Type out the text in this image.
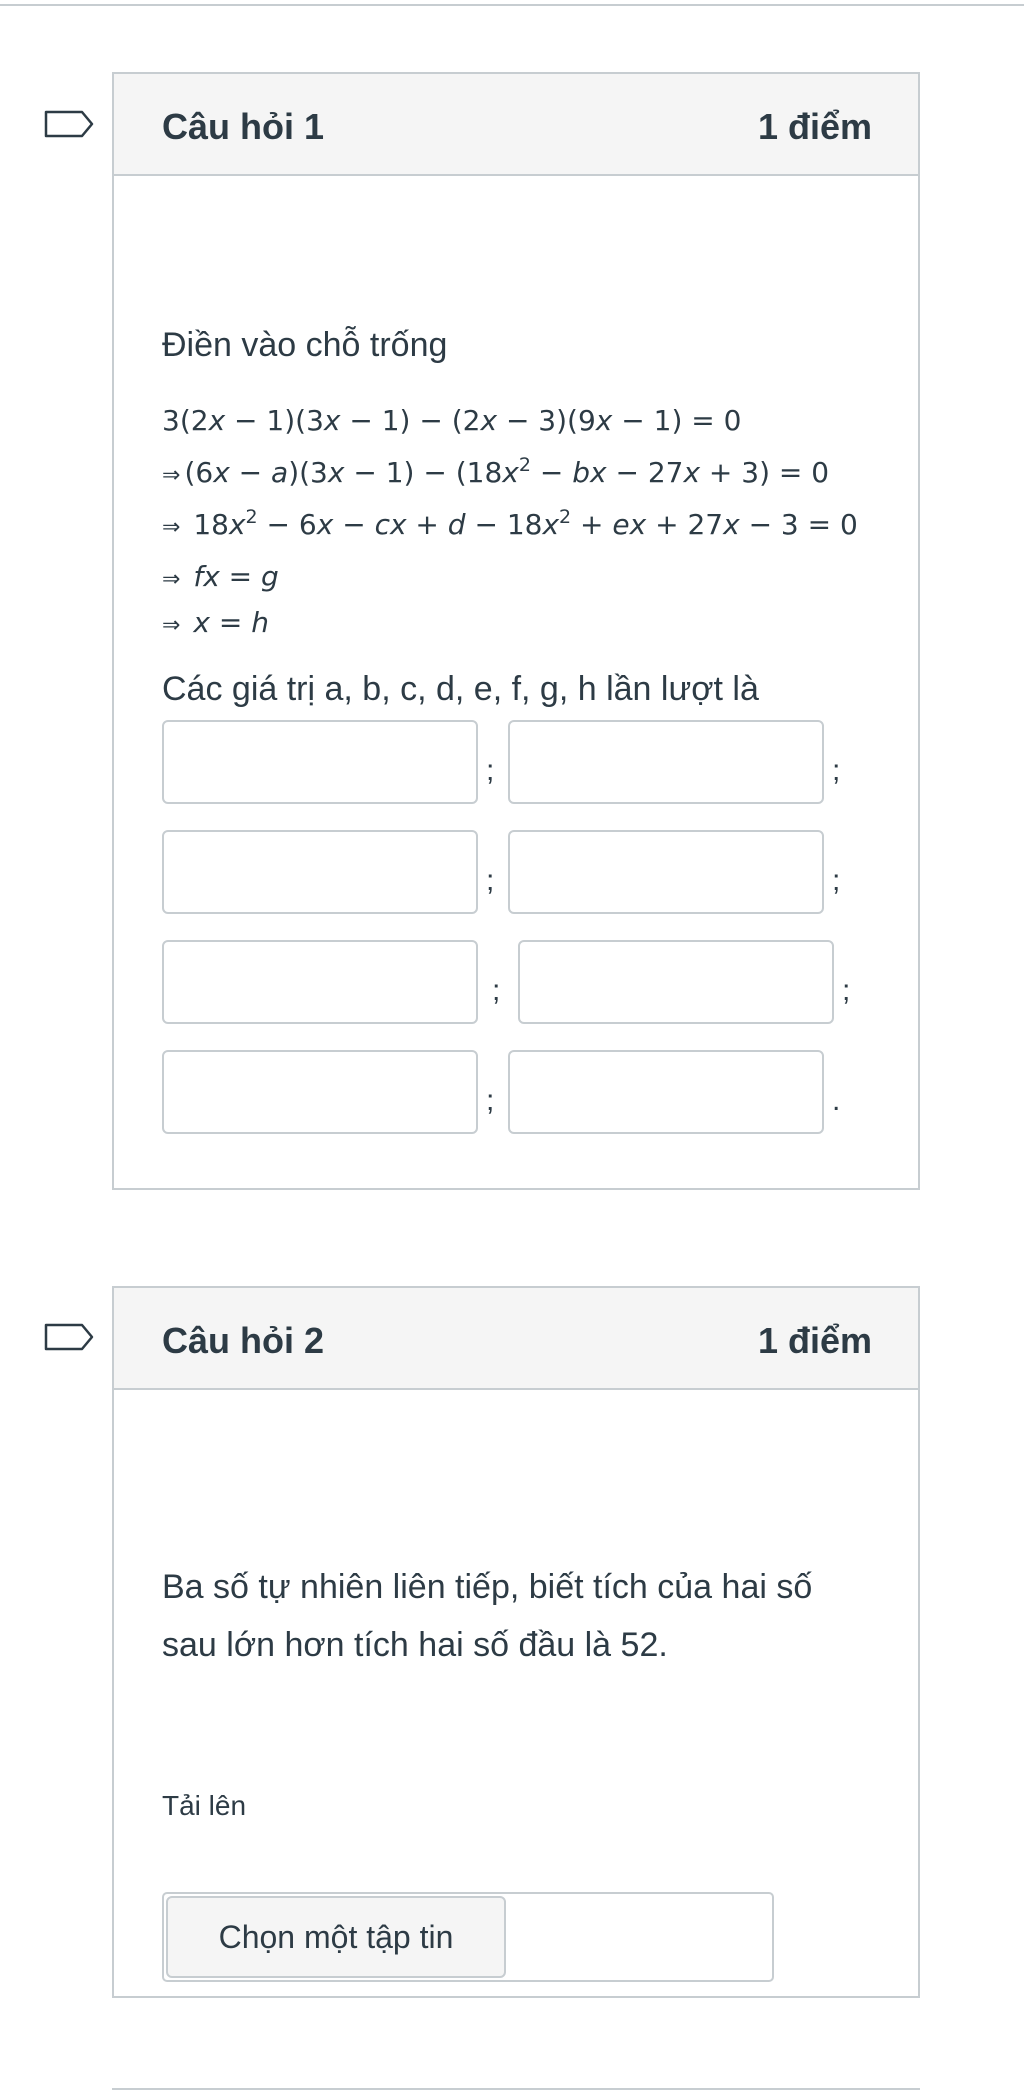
Câu hỏi 1	1 điểm
Điền vào chỗ trống
3(2x − 1)(3x − 1) − (2x − 3)(9x − 1) = 0
⇒ $(6x - a)(3x - 1) - (18x^2$ − bx − 27x + 3) = 0
⇒ $18x^2 - 6x$ − cx + $d - 18x^2$ + ex + 27x − 3 = 0
⇒ fx = g
⇒ x = h
Các giá trị a, b, c, d, e, f, g, h lần lượt là
;	;
;	;
;	;
;	.
Câu hỏi 2	1 điểm
Ba số tự nhiên liên tiếp, biết tích của hai số
sau lớn hơn tích hai số đầu là 52.
Tải lên
Chọn một tập tin
